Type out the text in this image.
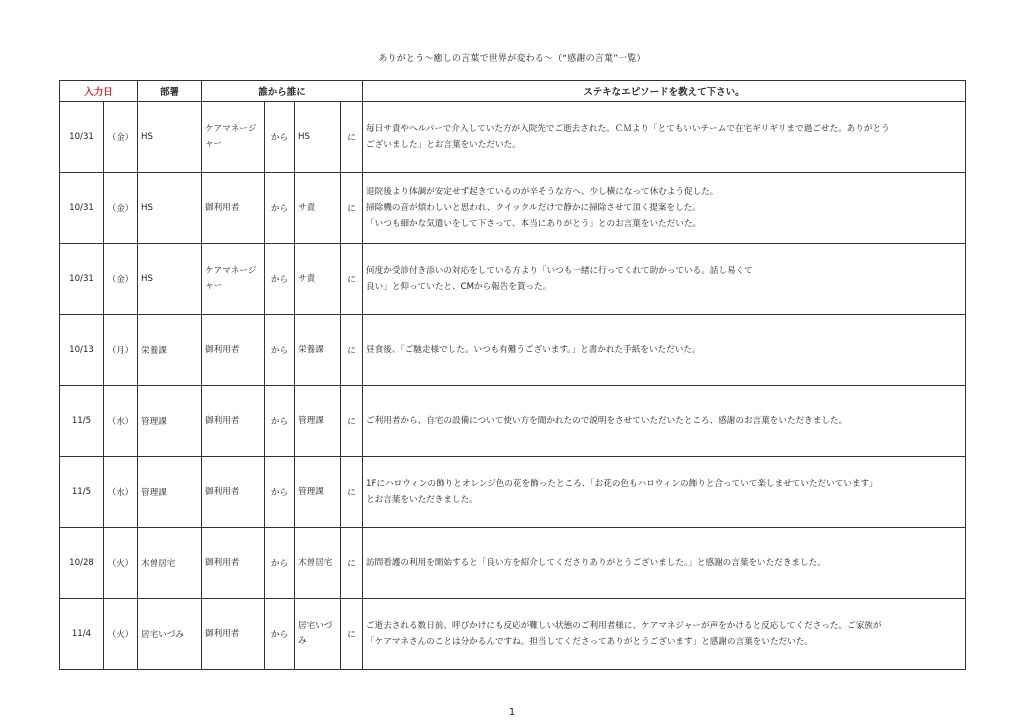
ありがとう〜癒しの言葉で世界が変わる〜（“感謝の言葉”一覧）
入力日		部署	誰から誰に				ステキなエピソードを教えて下さい。
10/31	（金）	HS	ケアマネージャー	から	HS	に	毎日サ責やヘルパーで介入していた方が入院先でご逝去された。ＣＭより「とてもいいチームで在宅ギリギリまで過ごせた。ありがとう
ございました」とお言葉をいただいた。

10/31	（金）	HS	御利用者	から	サ責	に	退院後より体調が安定せず起きているのが辛そうな方へ、少し横になって休むよう促した。
掃除機の音が煩わしいと思われ、クイックルだけで静かに掃除させて頂く提案をした。
「いつも細かな気遣いをして下さって、本当にありがとう」とのお言葉をいただいた。

10/31	（金）	HS	ケアマネージャー	から	サ責	に	何度か受診付き添いの対応をしている方より「いつも一緒に行ってくれて助かっている。話し易くて
良い」と仰っていたと、CMから報告を貰った。

10/13	（月）	栄養課	御利用者	から	栄養課	に	昼食後、「ご馳走様でした。いつも有難うございます。」と書かれた手紙をいただいた。

11/5	（水）	管理課	御利用者	から	管理課	に	ご利用者から、自宅の設備について使い方を聞かれたので説明をさせていただいたところ、感謝のお言葉をいただきました。

11/5	（水）	管理課	御利用者	から	管理課	に	1Fにハロウィンの飾りとオレンジ色の花を飾ったところ、「お花の色もハロウィンの飾りと合っていて楽しませていただいています」
とお言葉をいただきました。

10/28	（火）	木曽居宅	御利用者	から	木曽居宅	に	訪問看護の利用を開始すると「良い方を紹介してくださりありがとうございました。」と感謝の言葉をいただきました。

11/4	（火）	居宅いづみ	御利用者	から	居宅いづみ	に	ご逝去される数日前、呼びかけにも反応が難しい状態のご利用者様に、ケアマネジャーが声をかけると反応してくださった。ご家族が
「ケアマネさんのことは分かるんですね。担当してくださってありがとうございます」と感謝の言葉をいただいた。
1
